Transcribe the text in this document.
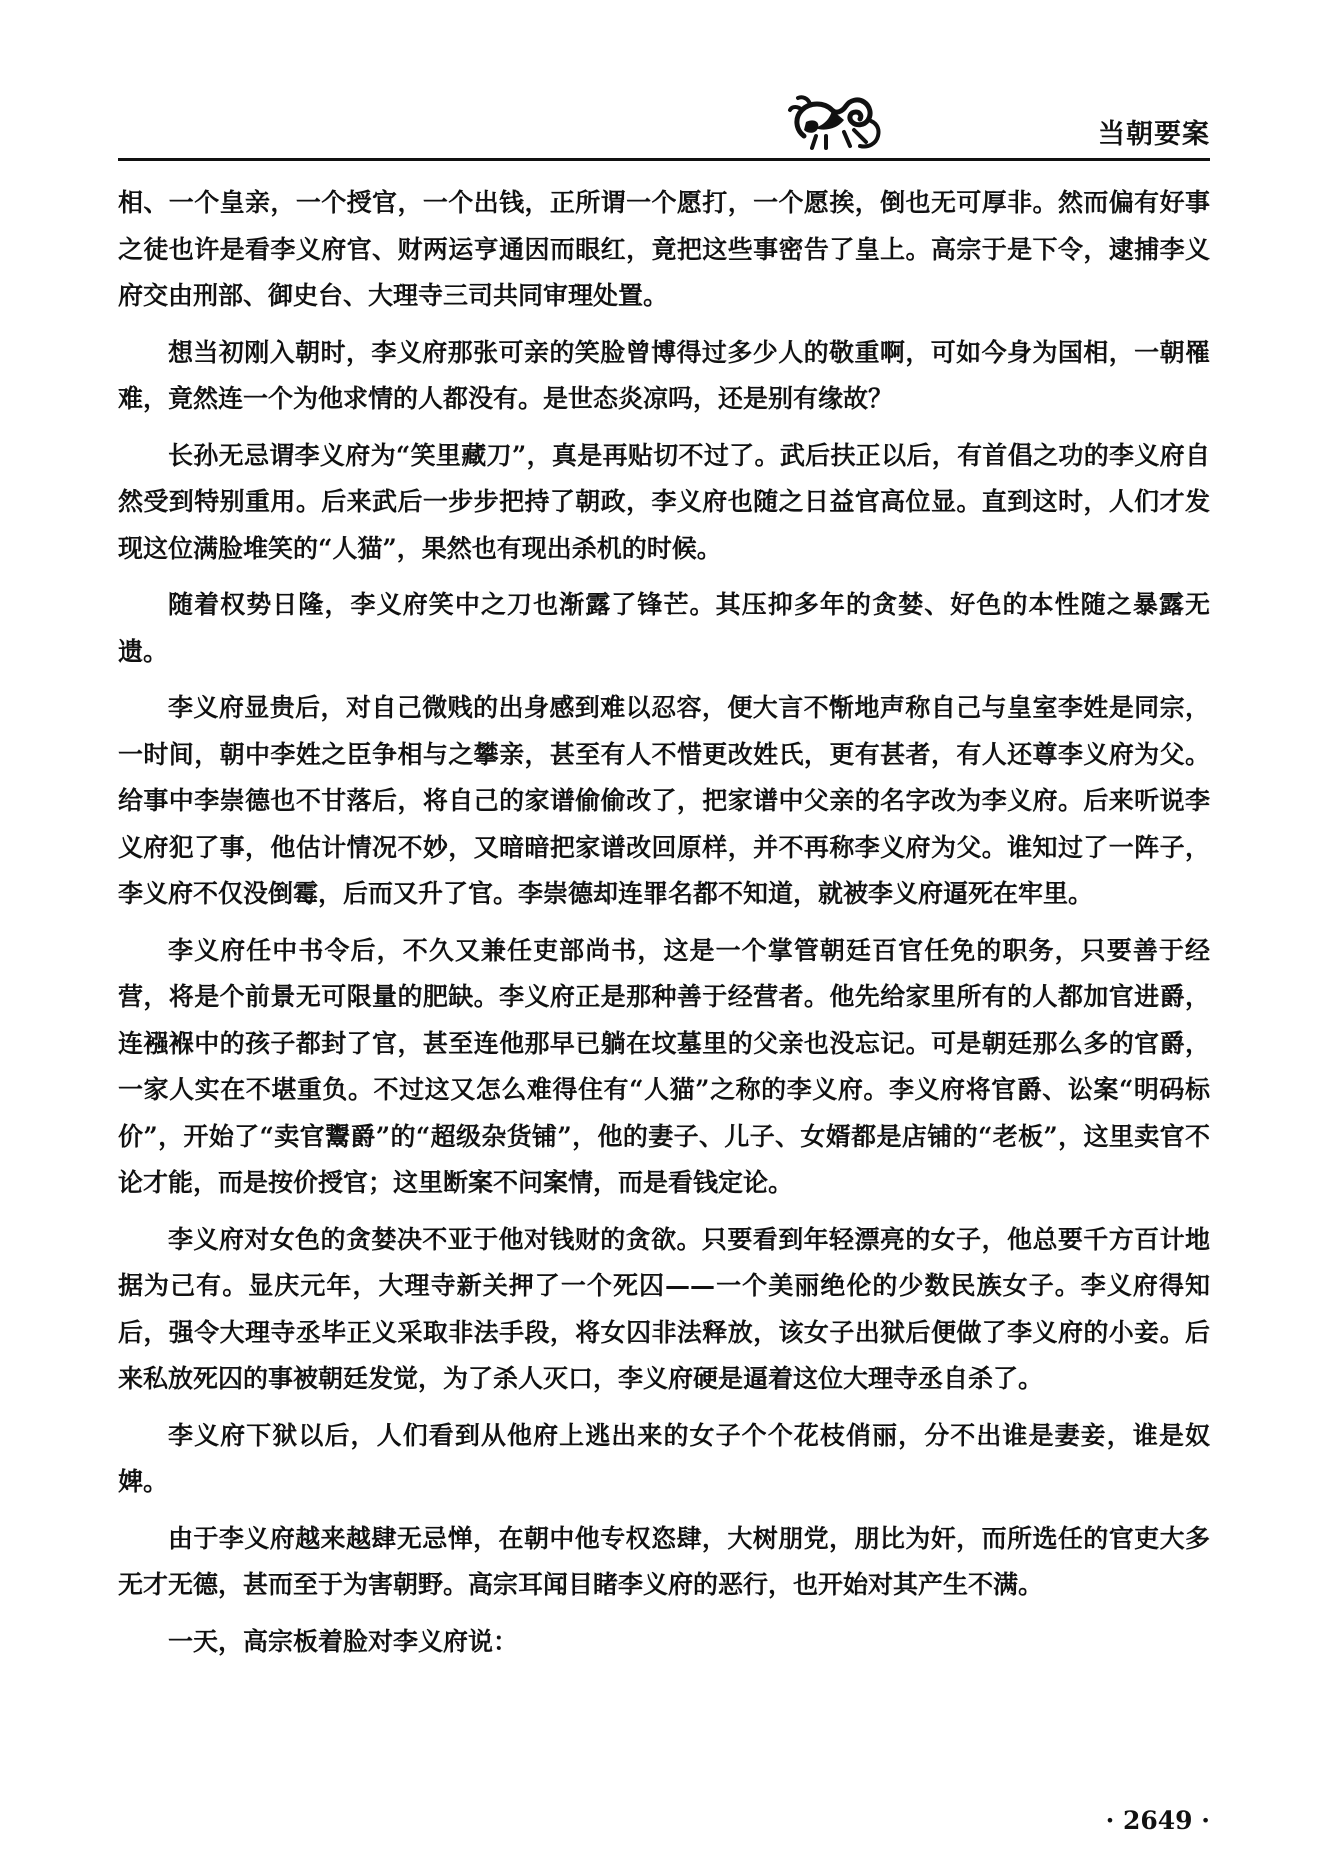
当朝要案

相、一个皇亲，一个授官，一个出钱，正所谓一个愿打，一个愿挨，倒也无可厚非。然而偏有好事之徒也许是看李义府官、财两运亨通因而眼红，竟把这些事密告了皇上。高宗于是下令，逮捕李义府交由刑部、御史台、大理寺三司共同审理处置。

想当初刚入朝时，李义府那张可亲的笑脸曾博得过多少人的敬重啊，可如今身为国相，一朝罹难，竟然连一个为他求情的人都没有。是世态炎凉吗，还是别有缘故？

长孙无忌谓李义府为“笑里藏刀”，真是再贴切不过了。武后扶正以后，有首倡之功的李义府自然受到特别重用。后来武后一步步把持了朝政，李义府也随之日益官高位显。直到这时，人们才发现这位满脸堆笑的“人猫”，果然也有现出杀机的时候。

随着权势日隆，李义府笑中之刀也渐露了锋芒。其压抑多年的贪婪、好色的本性随之暴露无遗。

李义府显贵后，对自己微贱的出身感到难以忍容，便大言不惭地声称自己与皇室李姓是同宗，一时间，朝中李姓之臣争相与之攀亲，甚至有人不惜更改姓氏，更有甚者，有人还尊李义府为父。给事中李崇德也不甘落后，将自己的家谱偷偷改了，把家谱中父亲的名字改为李义府。后来听说李义府犯了事，他估计情况不妙，又暗暗把家谱改回原样，并不再称李义府为父。谁知过了一阵子，李义府不仅没倒霉，后而又升了官。李崇德却连罪名都不知道，就被李义府逼死在牢里。

李义府任中书令后，不久又兼任吏部尚书，这是一个掌管朝廷百官任免的职务，只要善于经营，将是个前景无可限量的肥缺。李义府正是那种善于经营者。他先给家里所有的人都加官进爵，连襁褓中的孩子都封了官，甚至连他那早已躺在坟墓里的父亲也没忘记。可是朝廷那么多的官爵，一家人实在不堪重负。不过这又怎么难得住有“人猫”之称的李义府。李义府将官爵、讼案“明码标价”，开始了“卖官鬻爵”的“超级杂货铺”，他的妻子、儿子、女婿都是店铺的“老板”，这里卖官不论才能，而是按价授官；这里断案不问案情，而是看钱定论。

李义府对女色的贪婪决不亚于他对钱财的贪欲。只要看到年轻漂亮的女子，他总要千方百计地据为己有。显庆元年，大理寺新关押了一个死囚——一个美丽绝伦的少数民族女子。李义府得知后，强令大理寺丞毕正义采取非法手段，将女囚非法释放，该女子出狱后便做了李义府的小妾。后来私放死囚的事被朝廷发觉，为了杀人灭口，李义府硬是逼着这位大理寺丞自杀了。

李义府下狱以后，人们看到从他府上逃出来的女子个个花枝俏丽，分不出谁是妻妾，谁是奴婢。

由于李义府越来越肆无忌惮，在朝中他专权恣肆，大树朋党，朋比为奸，而所选任的官吏大多无才无德，甚而至于为害朝野。高宗耳闻目睹李义府的恶行，也开始对其产生不满。

一天，高宗板着脸对李义府说：

· 2649 ·
